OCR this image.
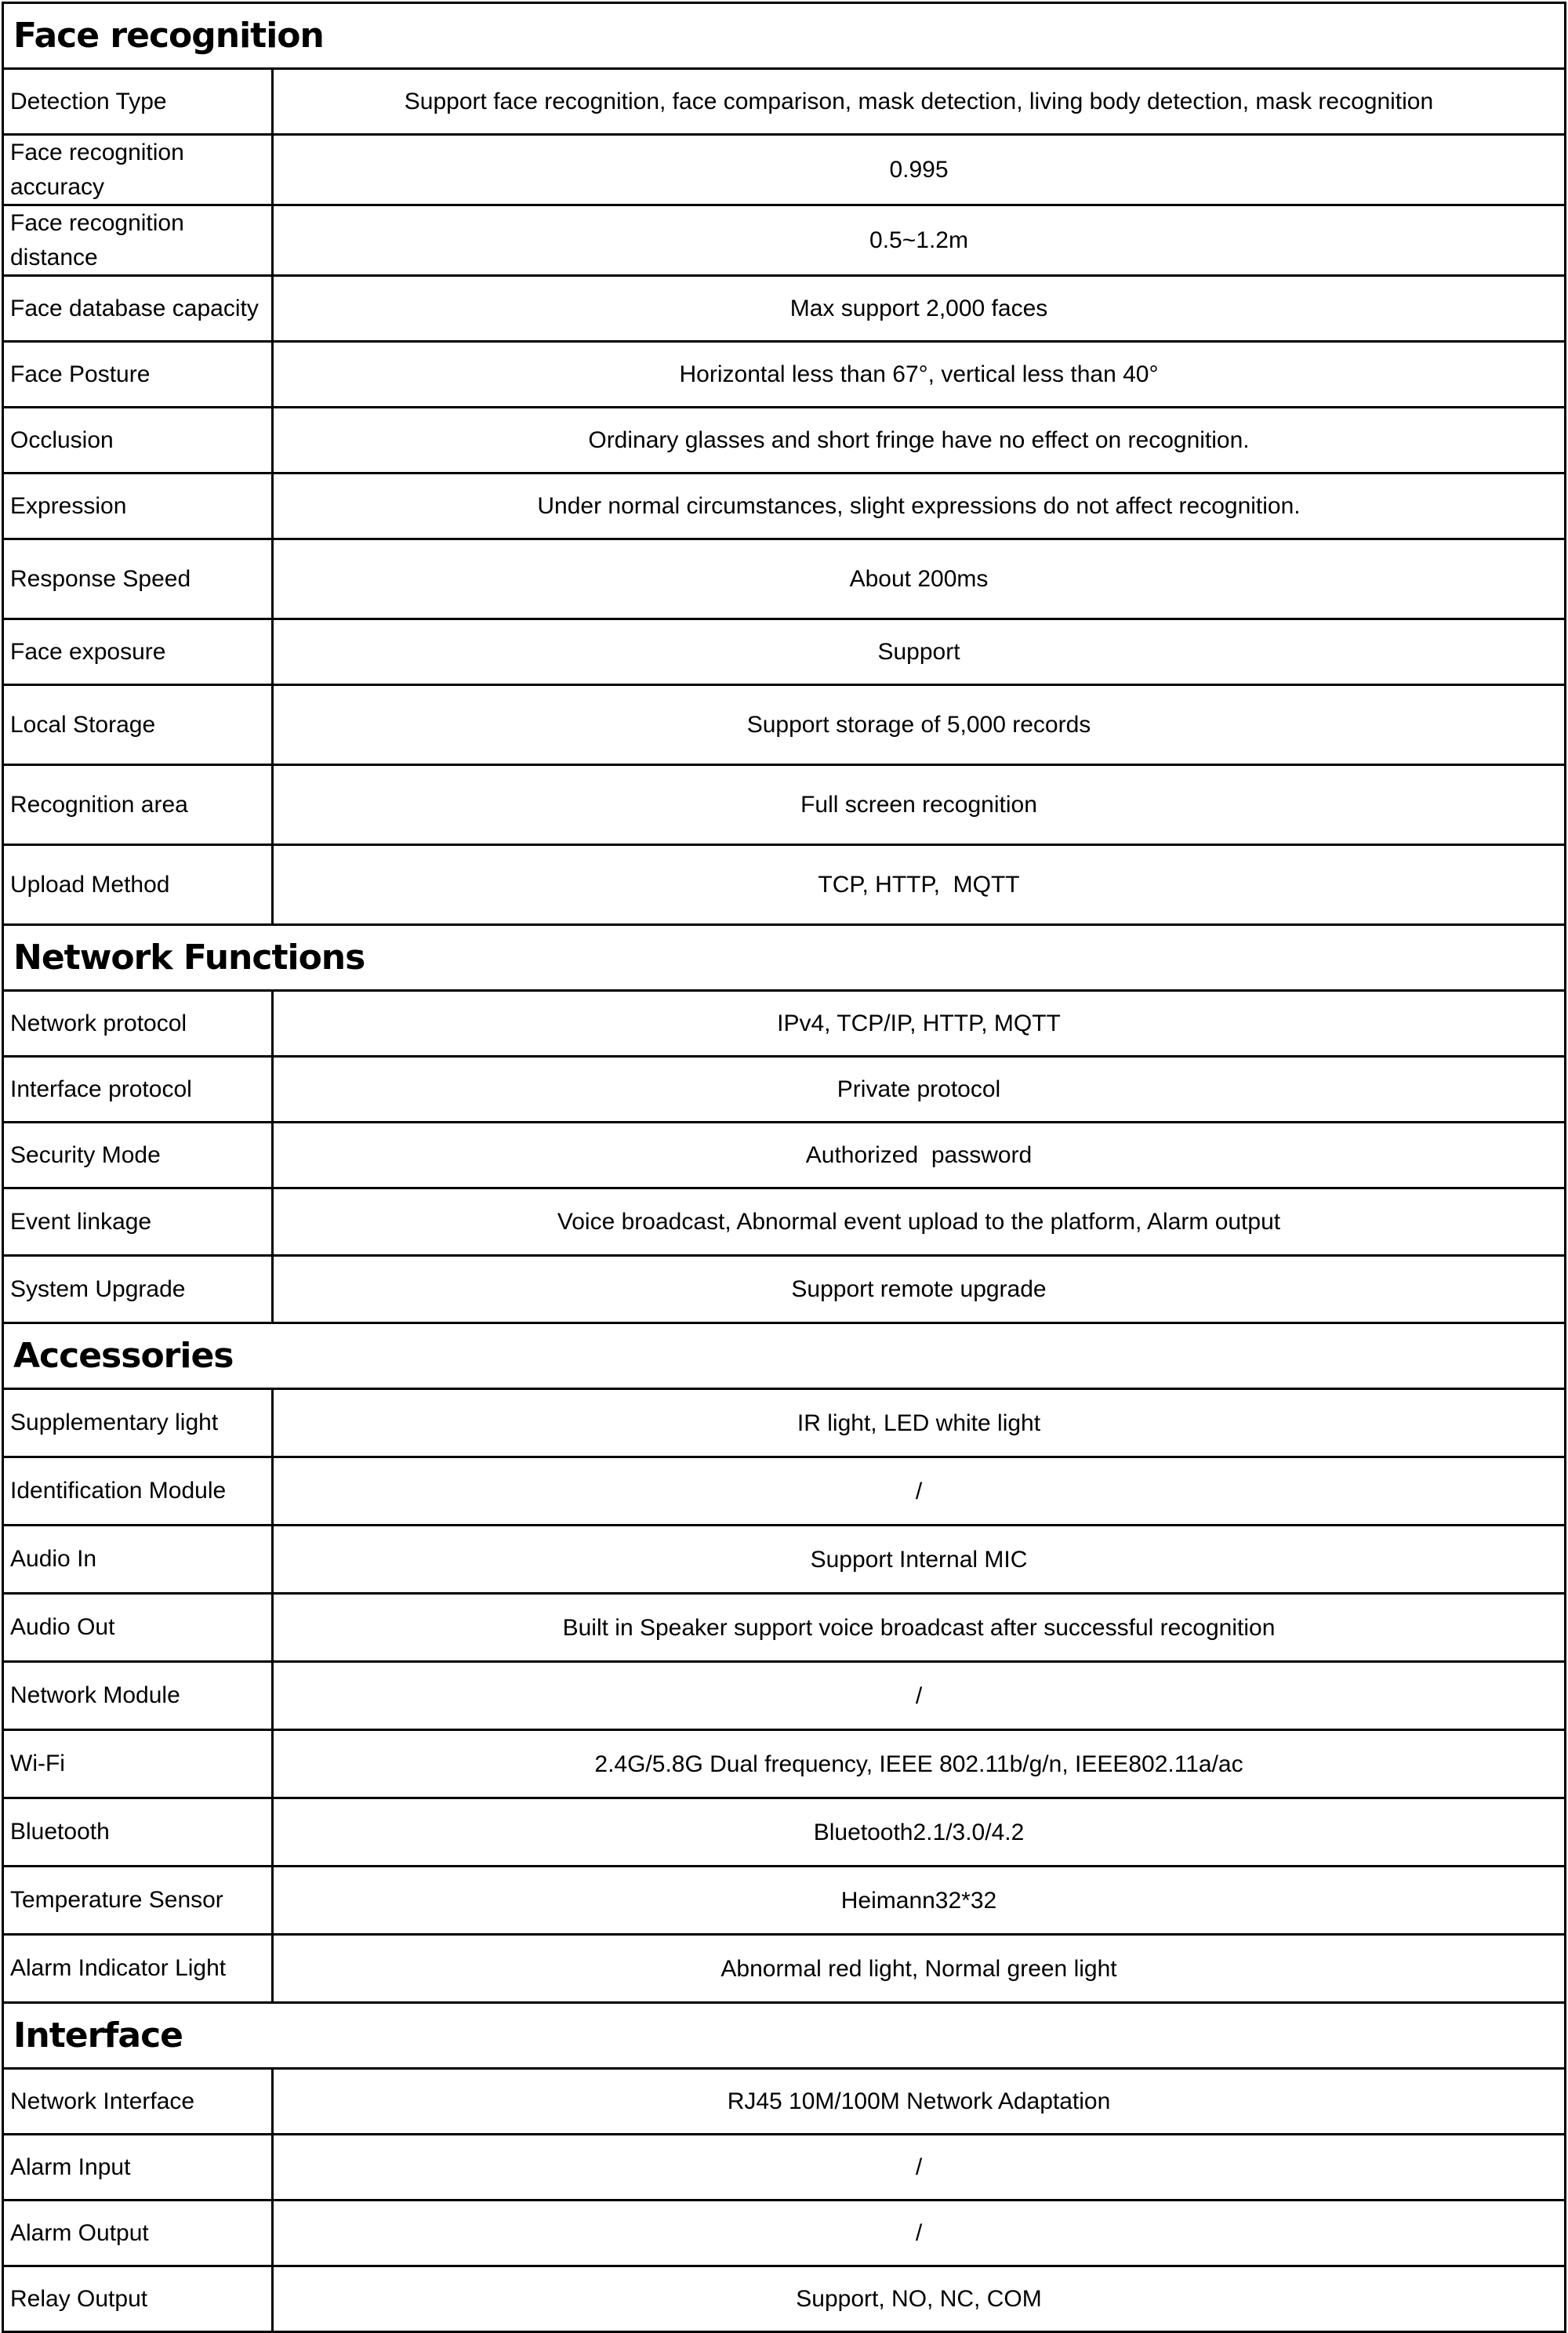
Face recognition	
Detection Type	Support face recognition, face comparison, mask detection, living body detection, mask recognition
Face recognition accuracy	0.995
Face recognition distance	0.5~1.2m
Face database capacity	Max support 2,000 faces
Face Posture	Horizontal less than 67°, vertical less than 40°
Occlusion	Ordinary glasses and short fringe have no effect on recognition.
Expression	Under normal circumstances, slight expressions do not affect recognition.
Response Speed	About 200ms
Face exposure	Support
Local Storage	Support storage of 5,000 records
Recognition area	Full screen recognition
Upload Method	TCP, HTTP,  MQTT
Network Functions	
Network protocol	IPv4, TCP/IP, HTTP, MQTT
Interface protocol	Private protocol
Security Mode	Authorized  password
Event linkage	Voice broadcast, Abnormal event upload to the platform, Alarm output
System Upgrade	Support remote upgrade
Accessories	
Supplementary light	IR light, LED white light
Identification Module	/
Audio In	Support Internal MIC
Audio Out	Built in Speaker support voice broadcast after successful recognition
Network Module	/
Wi-Fi	2.4G/5.8G Dual frequency, IEEE 802.11b/g/n, IEEE802.11a/ac
Bluetooth	Bluetooth2.1/3.0/4.2
Temperature Sensor	Heimann32*32
Alarm Indicator Light	Abnormal red light, Normal green light
Interface	
Network Interface	RJ45 10M/100M Network Adaptation
Alarm Input	/
Alarm Output	/
Relay Output	Support, NO, NC, COM
